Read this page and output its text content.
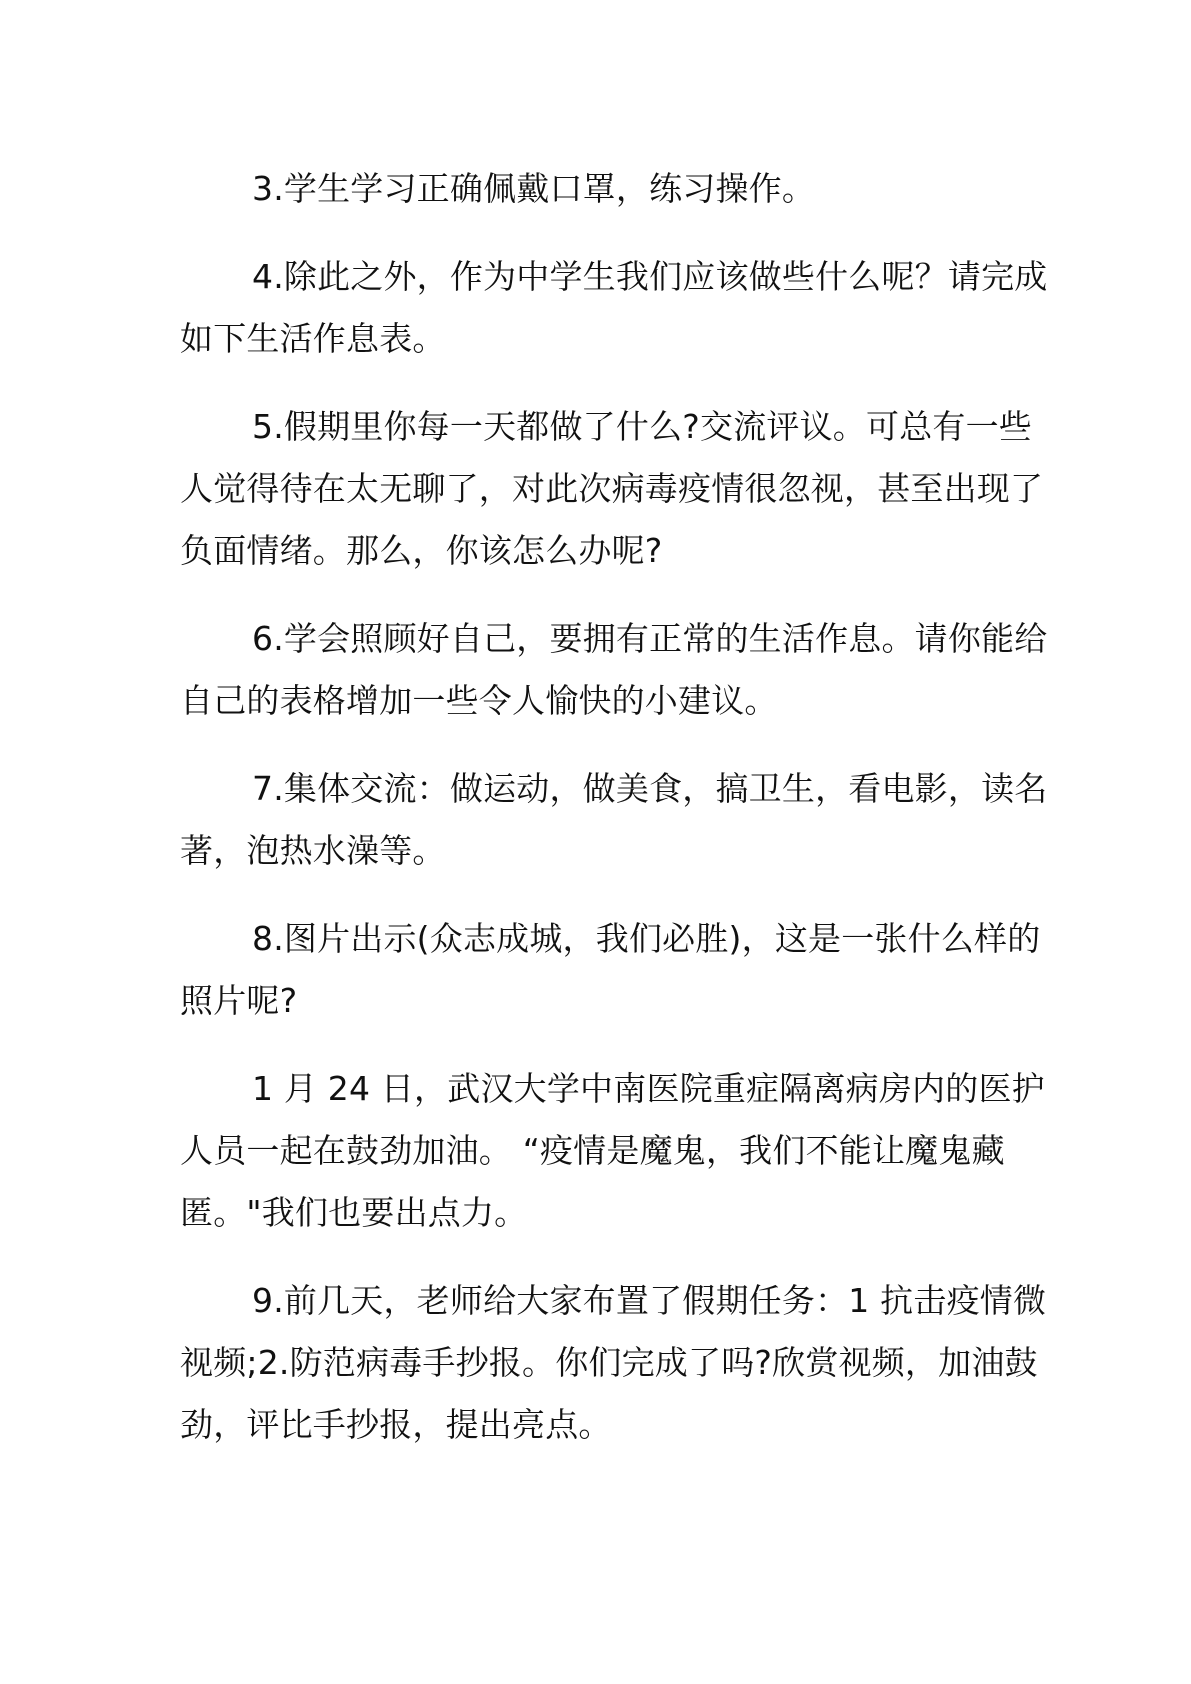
3.学生学习正确佩戴口罩，练习操作。

4.除此之外，作为中学生我们应该做些什么呢？请完成如下生活作息表。

5.假期里你每一天都做了什么?交流评议。可总有一些人觉得待在太无聊了，对此次病毒疫情很忽视，甚至出现了负面情绪。那么，你该怎么办呢?

6.学会照顾好自己，要拥有正常的生活作息。请你能给自己的表格增加一些令人愉快的小建议。

7.集体交流：做运动，做美食，搞卫生，看电影，读名著，泡热水澡等。

8.图片出示(众志成城，我们必胜)，这是一张什么样的照片呢?

1 月 24 日，武汉大学中南医院重症隔离病房内的医护人员一起在鼓劲加油。 “疫情是魔鬼，我们不能让魔鬼藏匿。"我们也要出点力。

9.前几天，老师给大家布置了假期任务：1 抗击疫情微视频;2.防范病毒手抄报。你们完成了吗?欣赏视频，加油鼓劲，评比手抄报，提出亮点。
